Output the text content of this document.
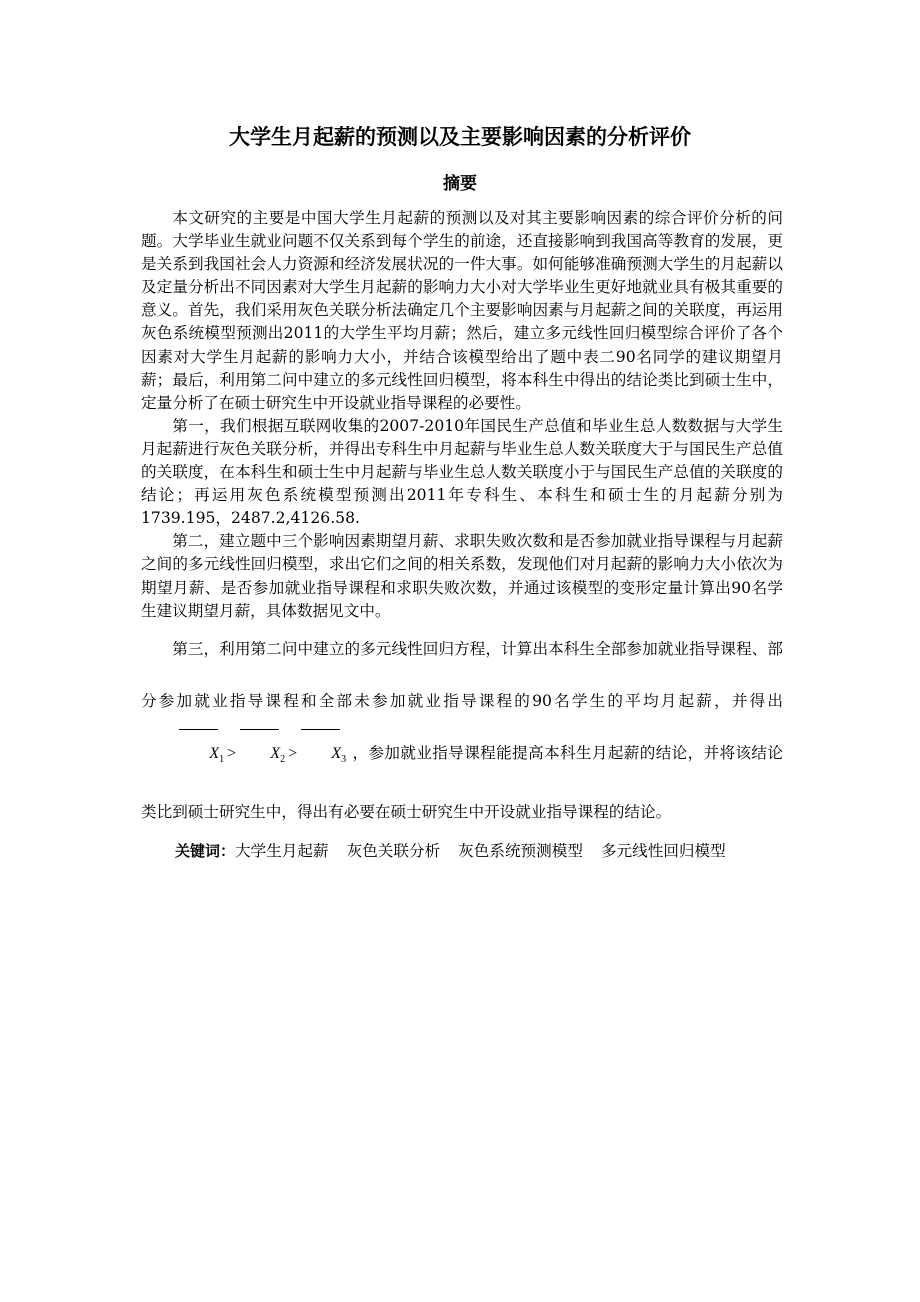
大学生月起薪的预测以及主要影响因素的分析评价
摘要

本文研究的主要是中国大学生月起薪的预测以及对其主要影响因素的综合评价分析的问题。大学毕业生就业问题不仅关系到每个学生的前途，还直接影响到我国高等教育的发展，更是关系到我国社会人力资源和经济发展状况的一件大事。如何能够准确预测大学生的月起薪以及定量分析出不同因素对大学生月起薪的影响力大小对大学毕业生更好地就业具有极其重要的意义。首先，我们采用灰色关联分析法确定几个主要影响因素与月起薪之间的关联度，再运用灰色系统模型预测出2011的大学生平均月薪；然后，建立多元线性回归模型综合评价了各个因素对大学生月起薪的影响力大小，并结合该模型给出了题中表二90名同学的建议期望月薪；最后，利用第二问中建立的多元线性回归模型，将本科生中得出的结论类比到硕士生中，定量分析了在硕士研究生中开设就业指导课程的必要性。

第一，我们根据互联网收集的2007-2010年国民生产总值和毕业生总人数数据与大学生月起薪进行灰色关联分析，并得出专科生中月起薪与毕业生总人数关联度大于与国民生产总值的关联度，在本科生和硕士生中月起薪与毕业生总人数关联度小于与国民生产总值的关联度的结论；再运用灰色系统模型预测出2011年专科生、本科生和硕士生的月起薪分别为1739.195，2487.2,4126.58.

第二，建立题中三个影响因素期望月薪、求职失败次数和是否参加就业指导课程与月起薪之间的多元线性回归模型，求出它们之间的相关系数，发现他们对月起薪的影响力大小依次为期望月薪、是否参加就业指导课程和求职失败次数，并通过该模型的变形定量计算出90名学生建议期望月薪，具体数据见文中。

第三，利用第二问中建立的多元线性回归方程，计算出本科生全部参加就业指导课程、部分参加就业指导课程和全部未参加就业指导课程的90名学生的平均月起薪，并得出$X_1 > X_2 > X_3$ ，参加就业指导课程能提高本科生月起薪的结论，并将该结论类比到硕士研究生中，得出有必要在硕士研究生中开设就业指导课程的结论。

关键词： 大学生月起薪 灰色关联分析 灰色系统预测模型 多元线性回归模型
